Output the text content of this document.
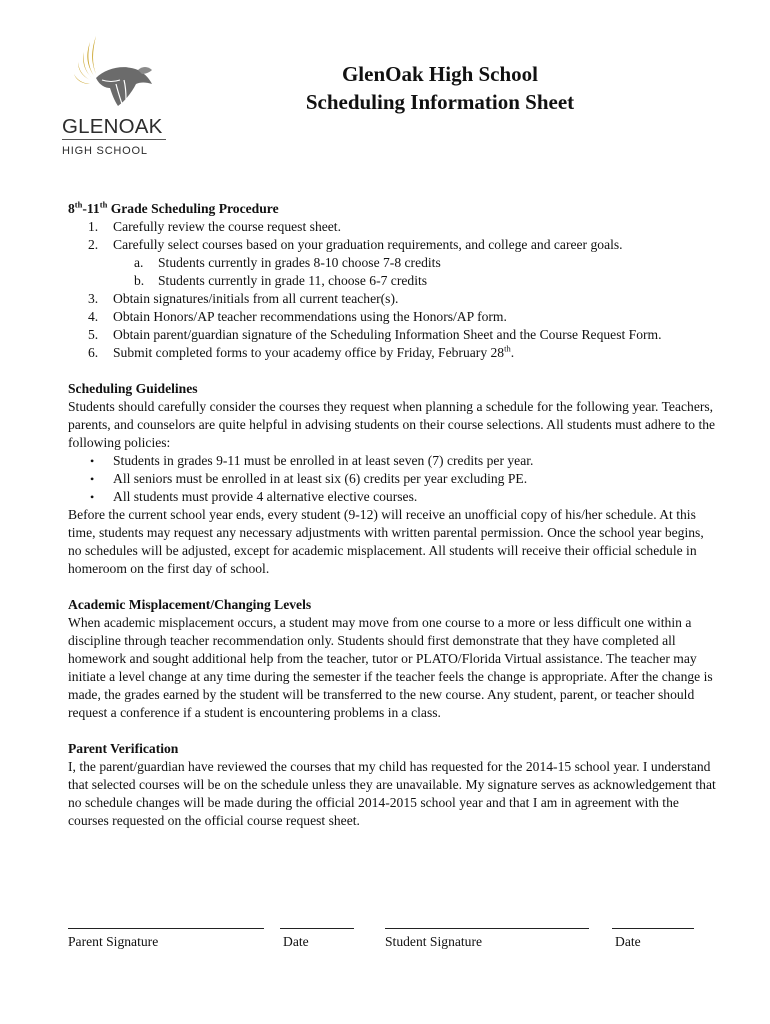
GLENOAK
HIGH SCHOOL
GlenOak High School
Scheduling Information Sheet
8th-11th Grade Scheduling Procedure
1. Carefully review the course request sheet.
2. Carefully select courses based on your graduation requirements, and college and career goals.
a. Students currently in grades 8-10 choose 7-8 credits
b. Students currently in grade 11, choose 6-7 credits
3. Obtain signatures/initials from all current teacher(s).
4. Obtain Honors/AP teacher recommendations using the Honors/AP form.
5. Obtain parent/guardian signature of the Scheduling Information Sheet and the Course Request Form.
6. Submit completed forms to your academy office by Friday, February 28th.
Scheduling Guidelines

Students should carefully consider the courses they request when planning a schedule for the following year. Teachers, parents, and counselors are quite helpful in advising students on their course selections. All students must adhere to the following policies:

• Students in grades 9-11 must be enrolled in at least seven (7) credits per year.
• All seniors must be enrolled in at least six (6) credits per year excluding PE.
• All students must provide 4 alternative elective courses.

Before the current school year ends, every student (9-12) will receive an unofficial copy of his/her schedule. At this time, students may request any necessary adjustments with written parental permission. Once the school year begins, no schedules will be adjusted, except for academic misplacement. All students will receive their official schedule in homeroom on the first day of school.

Academic Misplacement/Changing Levels

When academic misplacement occurs, a student may move from one course to a more or less difficult one within a discipline through teacher recommendation only. Students should first demonstrate that they have completed all homework and sought additional help from the teacher, tutor or PLATO/Florida Virtual assistance. The teacher may initiate a level change at any time during the semester if the teacher feels the change is appropriate. After the change is made, the grades earned by the student will be transferred to the new course. Any student, parent, or teacher should request a conference if a student is encountering problems in a class.

Parent Verification

I, the parent/guardian have reviewed the courses that my child has requested for the 2014-15 school year. I understand that selected courses will be on the schedule unless they are unavailable. My signature serves as acknowledgement that no schedule changes will be made during the official 2014-2015 school year and that I am in agreement with the courses requested on the official course request sheet.

Parent Signature	Date	Student Signature	Date
